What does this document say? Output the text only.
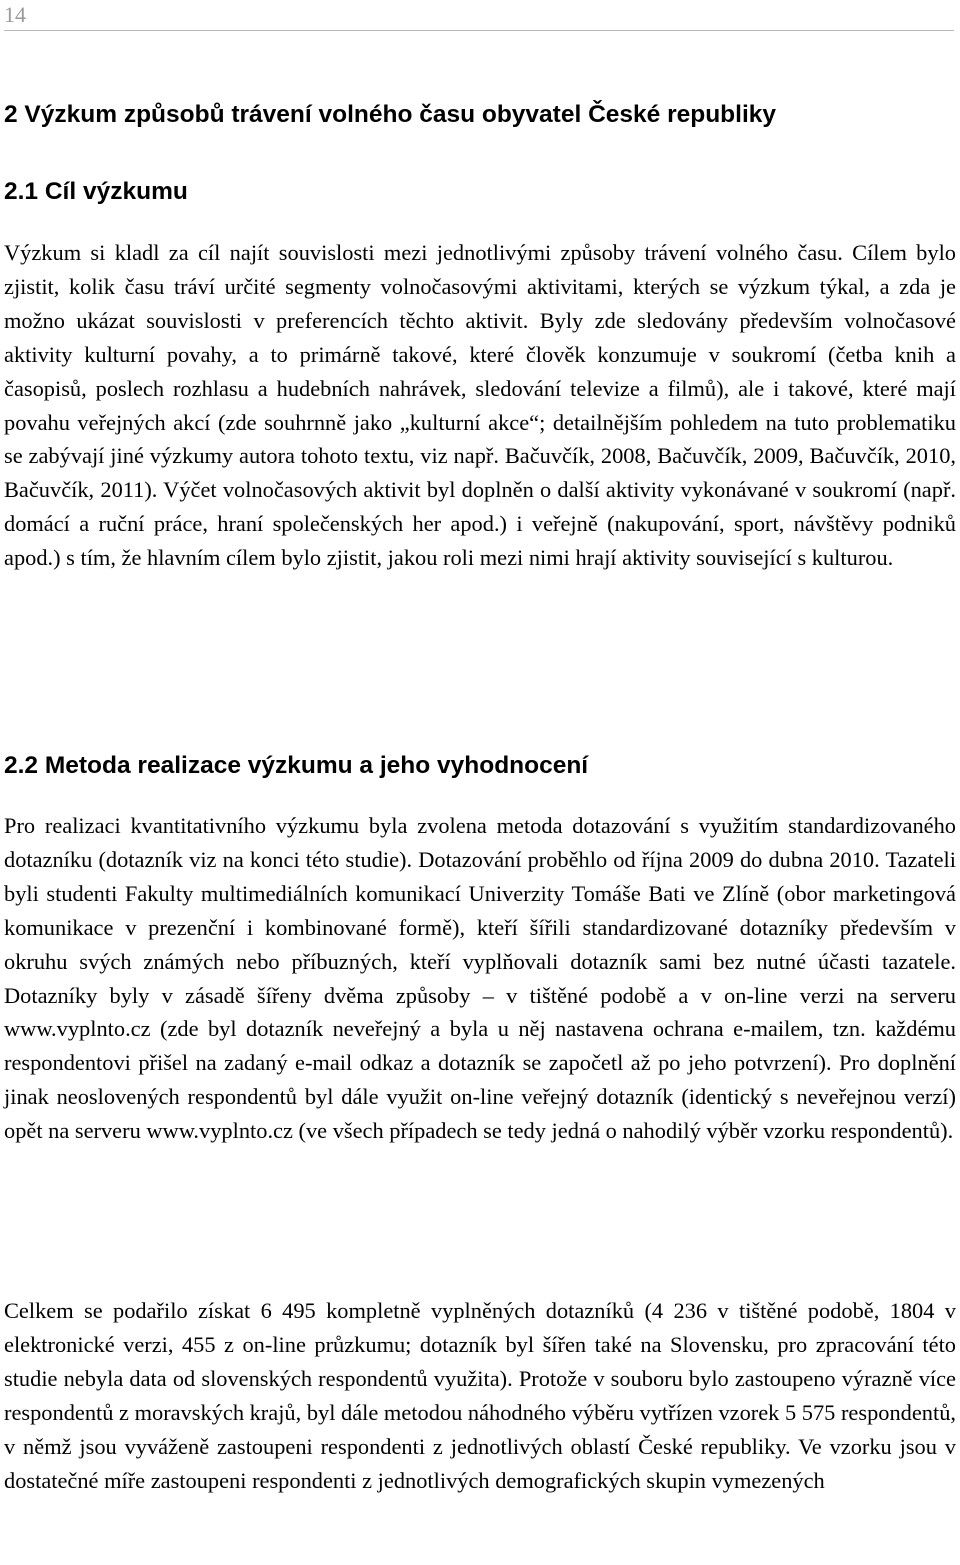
14
2 Výzkum způsobů trávení volného času obyvatel České republiky
2.1 Cíl výzkumu

Výzkum si kladl za cíl najít souvislosti mezi jednotlivými způsoby trávení volného času. Cílem bylo zjistit, kolik času tráví určité segmenty volnočasovými aktivitami, kterých se výzkum týkal, a zda je možno ukázat souvislosti v preferencích těchto aktivit. Byly zde sledovány především volnočasové aktivity kulturní povahy, a to primárně takové, které člověk konzumuje v soukromí (četba knih a časopisů, poslech rozhlasu a hudebních nahrávek, sledování televize a filmů), ale i takové, které mají povahu veřejných akcí (zde souhrnně jako „kulturní akce“; detailnějším pohledem na tuto problematiku se zabývají jiné výzkumy autora tohoto textu, viz např. Bačuvčík, 2008, Bačuvčík, 2009, Bačuvčík, 2010, Bačuvčík, 2011). Výčet volnočasových aktivit byl doplněn o další aktivity vykonávané v soukromí (např. domácí a ruční práce, hraní společenských her apod.) i veřejně (nakupování, sport, návštěvy podniků apod.) s tím, že hlavním cílem bylo zjistit, jakou roli mezi nimi hrají aktivity související s kulturou.

2.2 Metoda realizace výzkumu a jeho vyhodnocení

Pro realizaci kvantitativního výzkumu byla zvolena metoda dotazování s využitím standardizovaného dotazníku (dotazník viz na konci této studie). Dotazování proběhlo od října 2009 do dubna 2010. Tazateli byli studenti Fakulty multimediálních komunikací Univerzity Tomáše Bati ve Zlíně (obor marketingová komunikace v prezenční i kombinované formě), kteří šířili standardizované dotazníky především v okruhu svých známých nebo příbuzných, kteří vyplňovali dotazník sami bez nutné účasti tazatele. Dotazníky byly v zásadě šířeny dvěma způsoby – v tištěné podobě a v on-line verzi na serveru www.vyplnto.cz (zde byl dotazník neveřejný a byla u něj nastavena ochrana e-mailem, tzn. každému respondentovi přišel na zadaný e-mail odkaz a dotazník se započetl až po jeho potvrzení). Pro doplnění jinak neoslovených respondentů byl dále využit on-line veřejný dotazník (identický s neveřejnou verzí) opět na serveru www.vyplnto.cz (ve všech případech se tedy jedná o nahodilý výběr vzorku respondentů).

Celkem se podařilo získat 6 495 kompletně vyplněných dotazníků (4 236 v tištěné podobě, 1804 v elektronické verzi, 455 z on-line průzkumu; dotazník byl šířen také na Slovensku, pro zpracování této studie nebyla data od slovenských respondentů využita). Protože v souboru bylo zastoupeno výrazně více respondentů z moravských krajů, byl dále metodou náhodného výběru vytřízen vzorek 5 575 respondentů, v němž jsou vyváženě zastoupeni respondenti z jednotlivých oblastí České republiky. Ve vzorku jsou v dostatečné míře zastoupeni respondenti z jednotlivých demografických skupin vymezených
